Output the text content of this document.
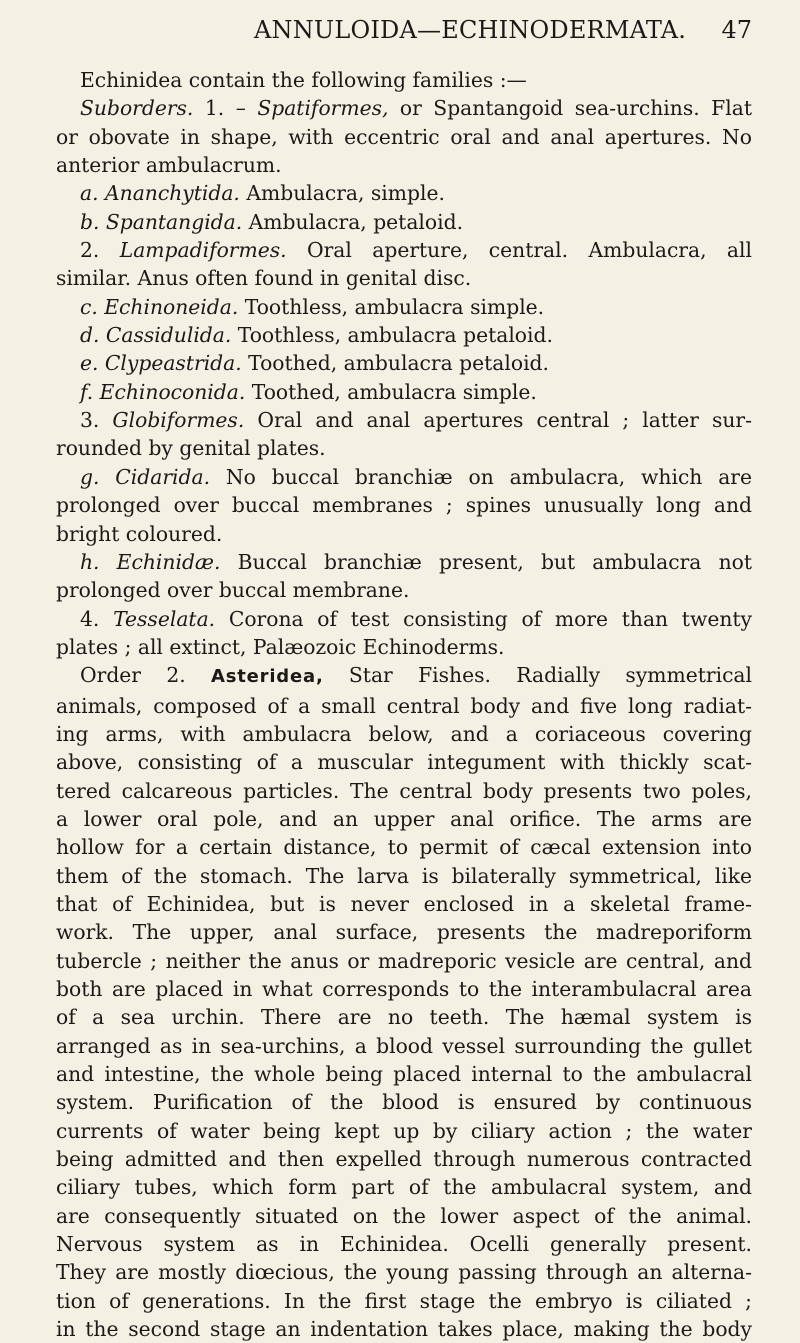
ANNULOIDA—ECHINODERMATA. 47
Echinidea contain the following families :—
Suborders. 1. – Spatiformes, or Spantangoid sea-urchins. Flat
or obovate in shape, with eccentric oral and anal apertures. No
anterior ambulacrum.
a. Ananchytida. Ambulacra, simple.
b. Spantangida. Ambulacra, petaloid.
2. Lampadiformes. Oral aperture, central. Ambulacra, all
similar. Anus often found in genital disc.
c. Echinoneida. Toothless, ambulacra simple.
d. Cassidulida. Toothless, ambulacra petaloid.
e. Clypeastrida. Toothed, ambulacra petaloid.
f. Echinoconida. Toothed, ambulacra simple.
3. Globiformes. Oral and anal apertures central ; latter sur-
rounded by genital plates.
g. Cidarida. No buccal branchiæ on ambulacra, which are
prolonged over buccal membranes ; spines unusually long and
bright coloured.
h. Echinidæ. Buccal branchiæ present, but ambulacra not
prolonged over buccal membrane.
4. Tesselata. Corona of test consisting of more than twenty
plates ; all extinct, Palæozoic Echinoderms.
Order 2. Asteridea, Star Fishes. Radially symmetrical
animals, composed of a small central body and five long radiat-
ing arms, with ambulacra below, and a coriaceous covering
above, consisting of a muscular integument with thickly scat-
tered calcareous particles. The central body presents two poles,
a lower oral pole, and an upper anal orifice. The arms are
hollow for a certain distance, to permit of cæcal extension into
them of the stomach. The larva is bilaterally symmetrical, like
that of Echinidea, but is never enclosed in a skeletal frame-
work. The upper, anal surface, presents the madreporiform
tubercle ; neither the anus or madreporic vesicle are central, and
both are placed in what corresponds to the interambulacral area
of a sea urchin. There are no teeth. The hæmal system is
arranged as in sea-urchins, a blood vessel surrounding the gullet
and intestine, the whole being placed internal to the ambulacral
system. Purification of the blood is ensured by continuous
currents of water being kept up by ciliary action ; the water
being admitted and then expelled through numerous contracted
ciliary tubes, which form part of the ambulacral system, and
are consequently situated on the lower aspect of the animal.
Nervous system as in Echinidea. Ocelli generally present.
They are mostly diœcious, the young passing through an alterna-
tion of generations. In the first stage the embryo is ciliated ;
in the second stage an indentation takes place, making the body
